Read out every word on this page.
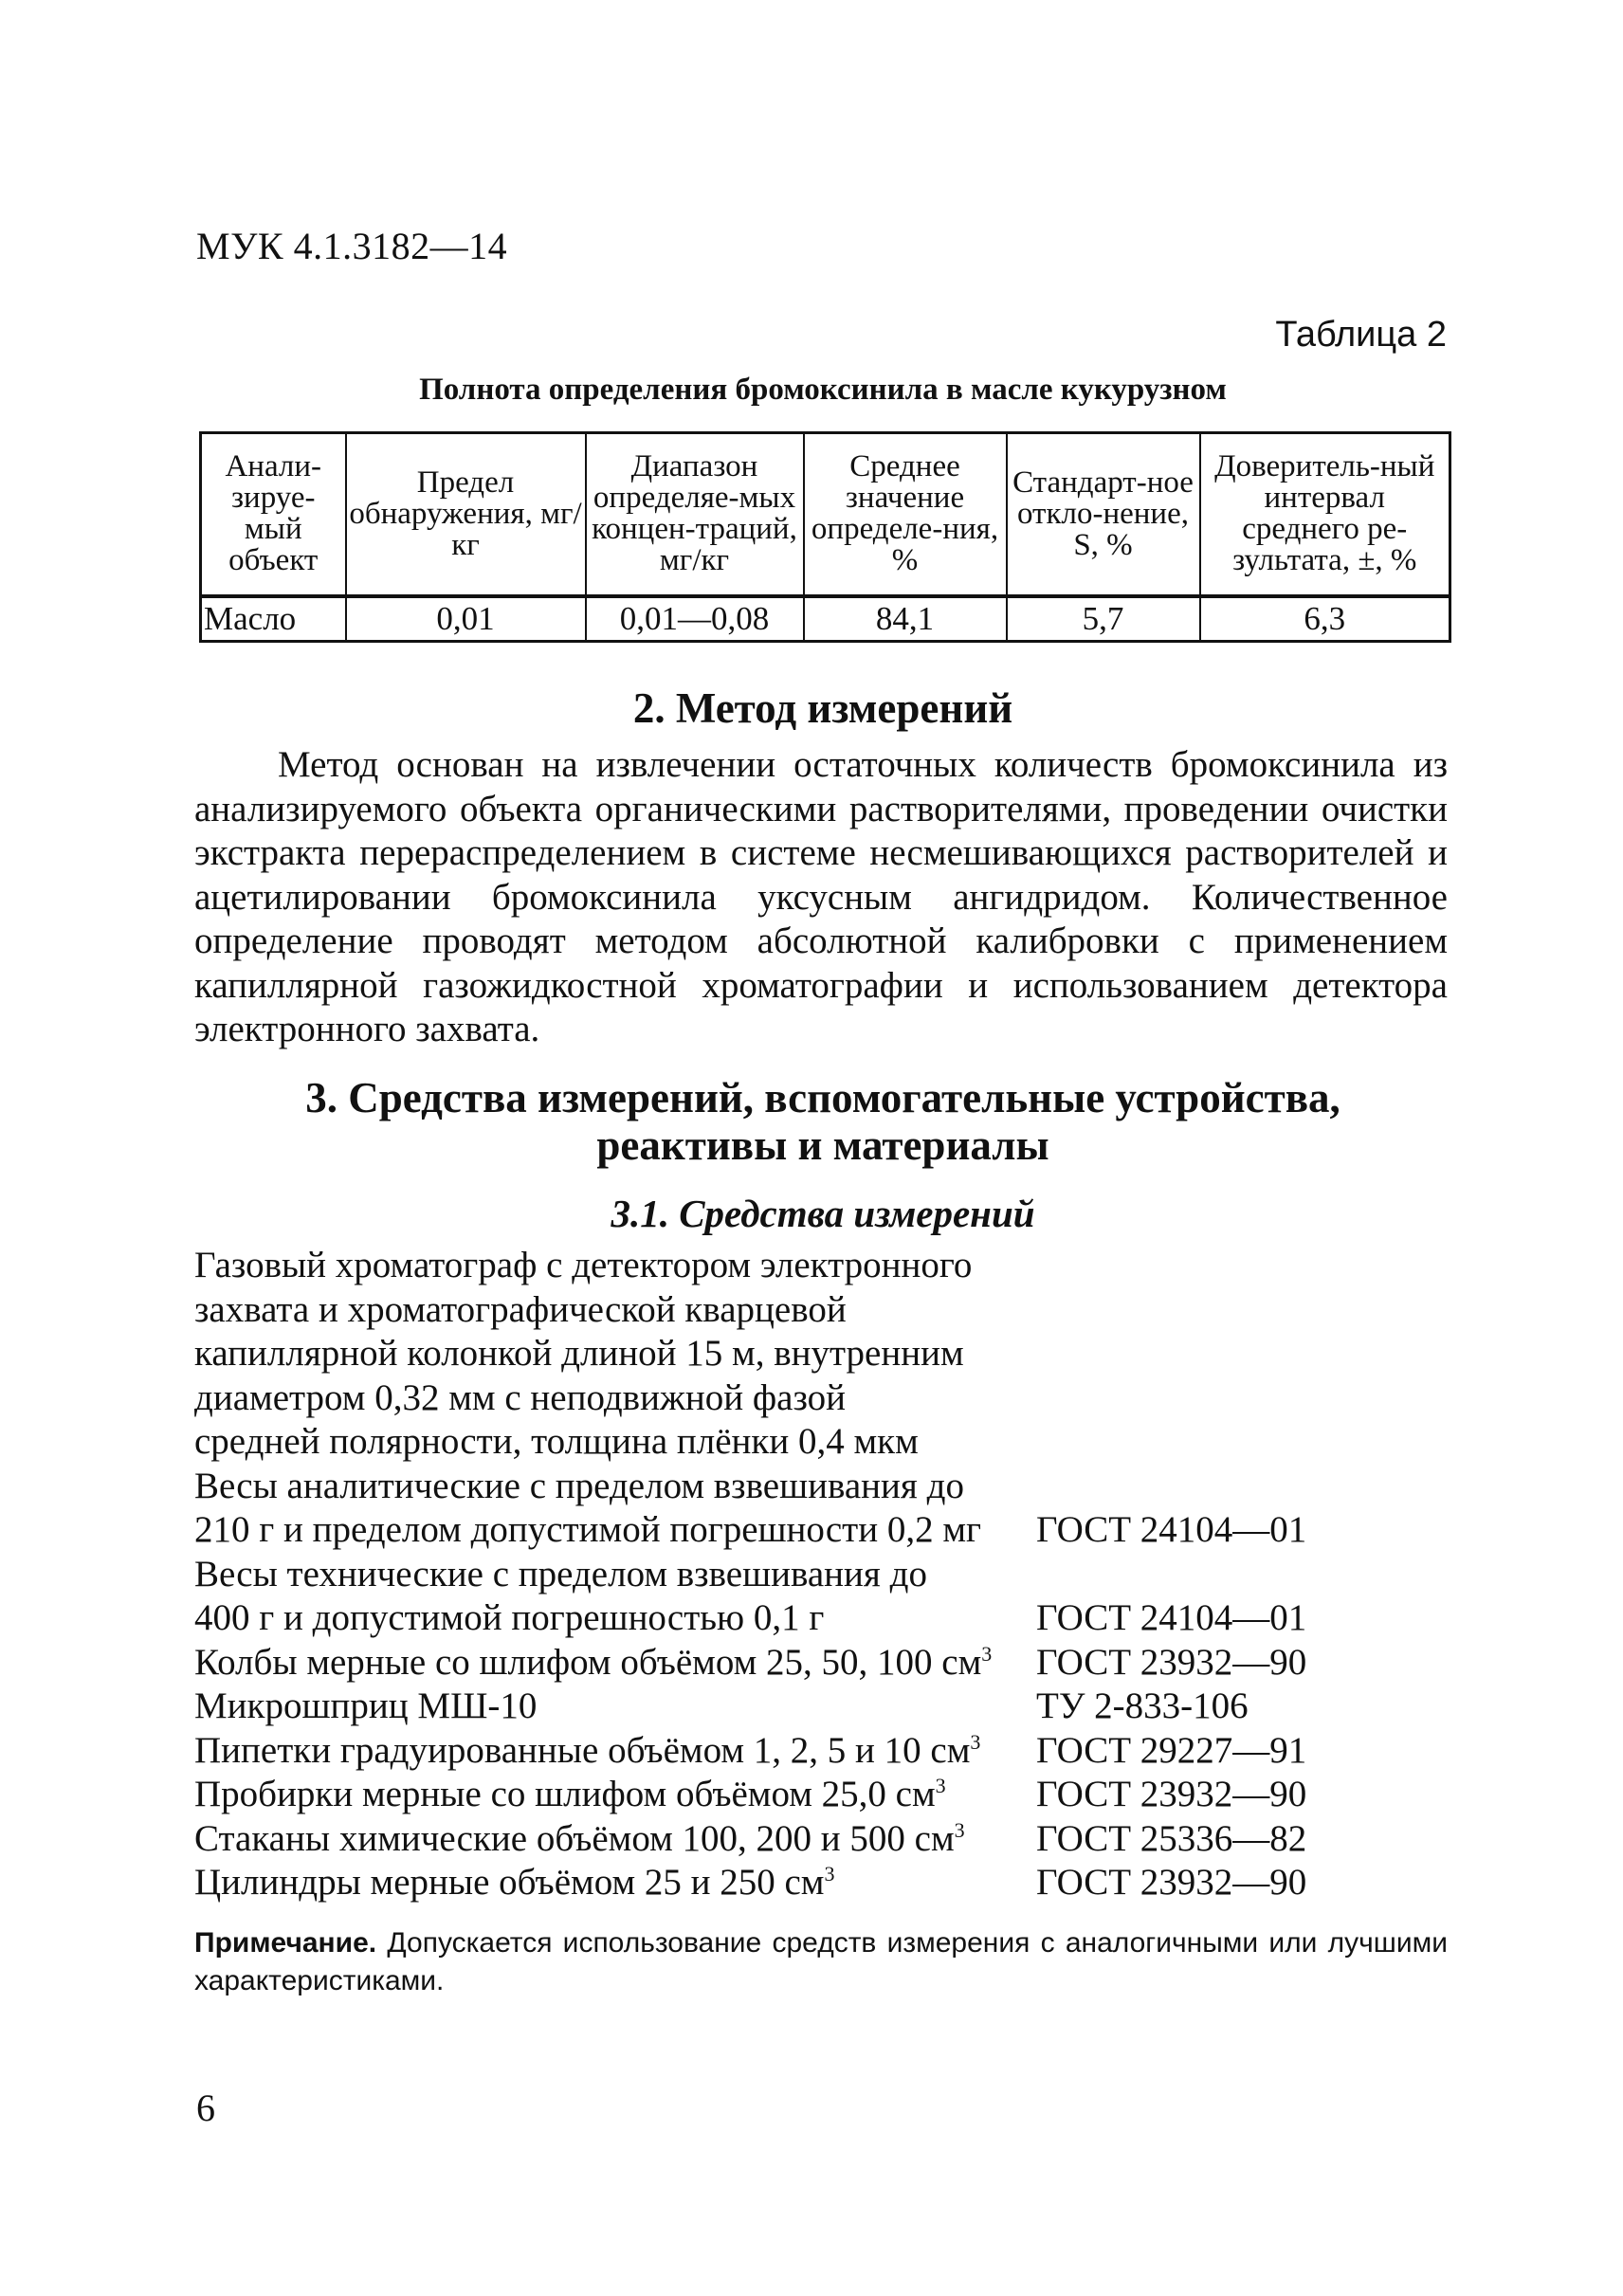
МУК 4.1.3182—14
Таблица 2
Полнота определения бромоксинила в масле кукурузном
Анали-зируе-мый объект	Предел обнаружения, мг/кг	Диапазон определяе-мых концен-траций, мг/кг	Среднее значение определе-ния, %	Стандарт-ное откло-нение, S, %	Доверитель-ный интервал среднего ре-зультата, ±, %
Масло	0,01	0,01—0,08	84,1	5,7	6,3
2. Метод измерений

Метод основан на извлечении остаточных количеств бромоксинила из анализируемого объекта органическими растворителями, проведении очистки экстракта перераспределением в системе несмешивающихся растворителей и ацетилировании бромоксинила уксусным ангидридом. Количественное определение проводят методом абсолютной калибровки с применением капиллярной газожидкостной хроматографии и использованием детектора электронного захвата.

3. Средства измерений, вспомогательные устройства,
реактивы и материалы
3.1. Средства измерений
Газовый хроматограф с детектором электронного
захвата и хроматографической кварцевой
капиллярной колонкой длиной 15 м, внутренним
диаметром 0,32 мм с неподвижной фазой
средней полярности, толщина плёнки 0,4 мкм
Весы аналитические с пределом взвешивания до
210 г и пределом допустимой погрешности 0,2 мг	ГОСТ 24104—01
Весы технические с пределом взвешивания до
400 г и допустимой погрешностью 0,1 г	ГОСТ 24104—01
Колбы мерные со шлифом объёмом 25, 50, 100 $см^3$	ГОСТ 23932—90
Микрошприц МШ-10	ТУ 2-833-106
Пипетки градуированные объёмом 1, 2, 5 и 10 $см^3$	ГОСТ 29227—91
Пробирки мерные со шлифом объёмом 25,0 $см^3$	ГОСТ 23932—90
Стаканы химические объёмом 100, 200 и 500 $см^3$	ГОСТ 25336—82
Цилиндры мерные объёмом 25 и 250 $см^3$	ГОСТ 23932—90

Примечание. Допускается использование средств измерения с аналогичными или лучшими характеристиками.

6
